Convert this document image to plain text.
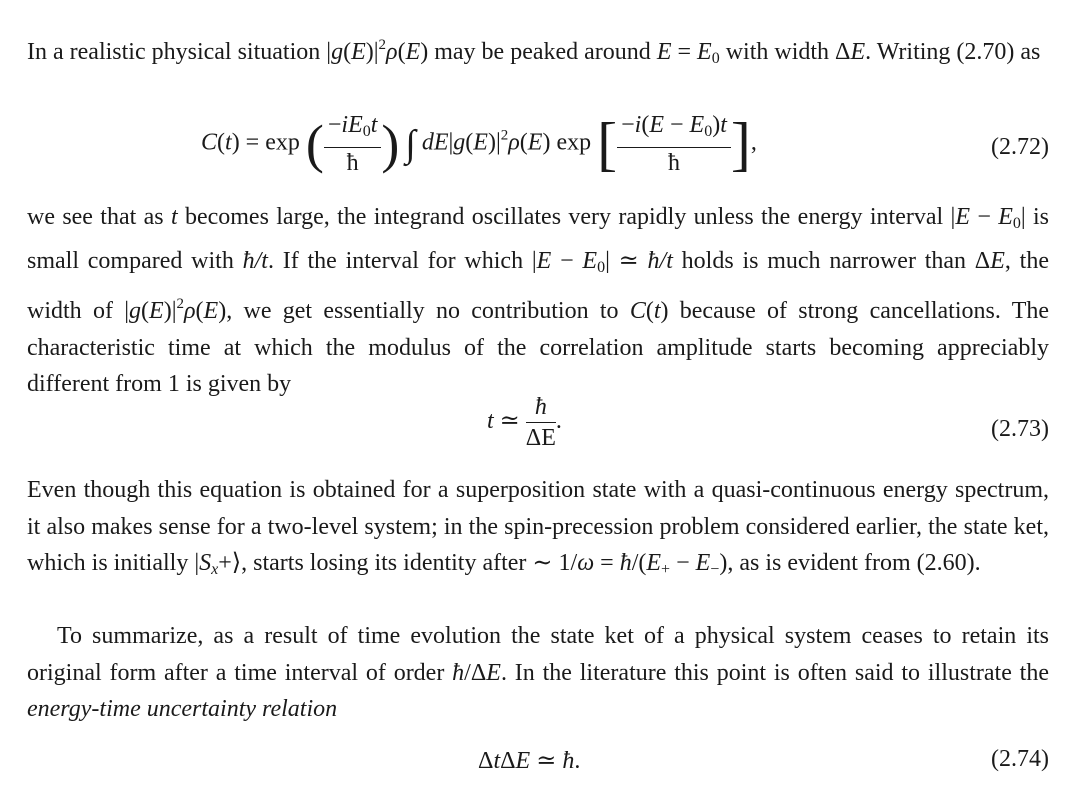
In a realistic physical situation $|g(E)|^2\rho(E)$ may be peaked around $E = E_0$ with width ΔE. Writing (2.70) as

C(t) = exp ( $\frac{-iE_0t}{ħ}$ ) ∫ $dE|g(E)|^2\rho(E)$ exp [ $\frac{-i(E - E_0)t}{ħ}$ ],	(2.72)

we see that as t becomes large, the integrand oscillates very rapidly unless the energy interval $|E - E_0|$ is small compared with ħ/t. If the interval for which $|E - E_0|$ ≃ ħ/t holds is much narrower than ΔE, the width of $|g(E)|^2\rho(E)$, we get essentially no contribution to C(t) because of strong cancellations. The characteristic time at which the modulus of the correlation amplitude starts becoming appreciably different from 1 is given by

t ≃ $\frac{ħ}{\Delta E}$ .	(2.73)

Even though this equation is obtained for a superposition state with a quasi-continuous energy spectrum, it also makes sense for a two-level system; in the spin-precession problem considered earlier, the state ket, which is initially $|S_x+⟩$, starts losing its identity after ∼ $1/\omega = ħ/(E_+ - E_-)$, as is evident from (2.60).

To summarize, as a result of time evolution the state ket of a physical system ceases to retain its original form after a time interval of order ħ/ΔE. In the literature this point is often said to illustrate the energy-time uncertainty relation

ΔtΔE ≃ ħ.	(2.74)
